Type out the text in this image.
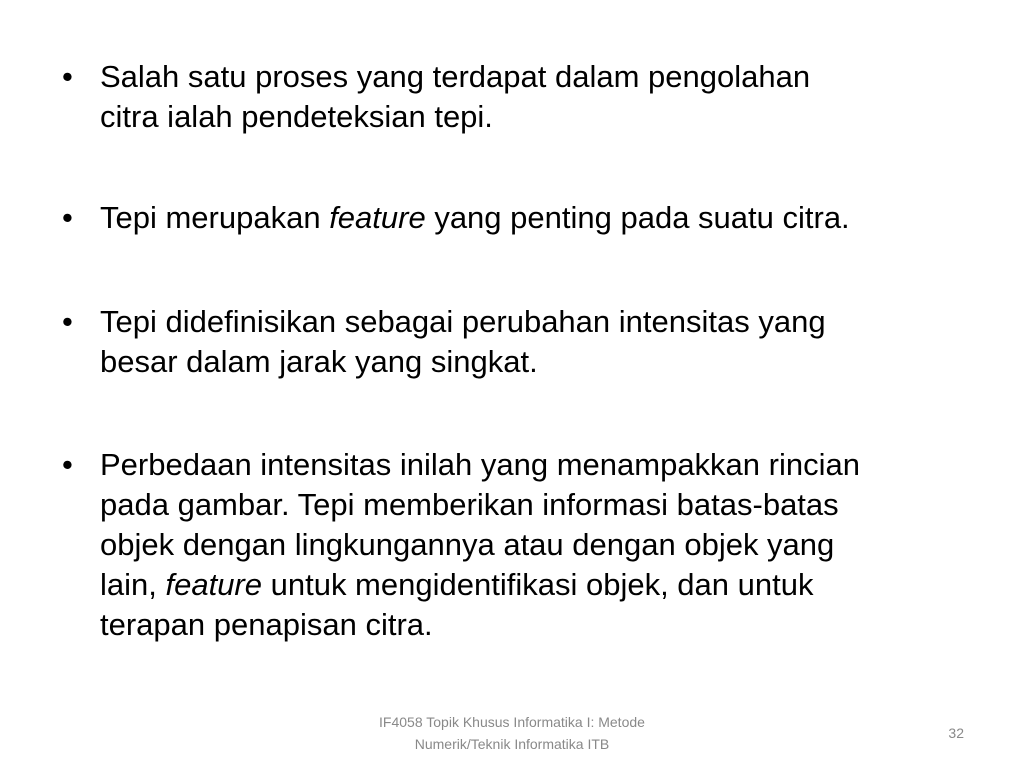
• Salah satu proses yang terdapat dalam pengolahan
citra ialah pendeteksian tepi.
• Tepi merupakan feature yang penting pada suatu citra.
• Tepi didefinisikan sebagai perubahan intensitas yang
besar dalam jarak yang singkat.
• Perbedaan intensitas inilah yang menampakkan rincian
pada gambar. Tepi memberikan informasi batas-batas
objek dengan lingkungannya atau dengan objek yang
lain, feature untuk mengidentifikasi objek, dan untuk
terapan penapisan citra.
IF4058 Topik Khusus Informatika I: Metode
Numerik/Teknik Informatika ITB
32
